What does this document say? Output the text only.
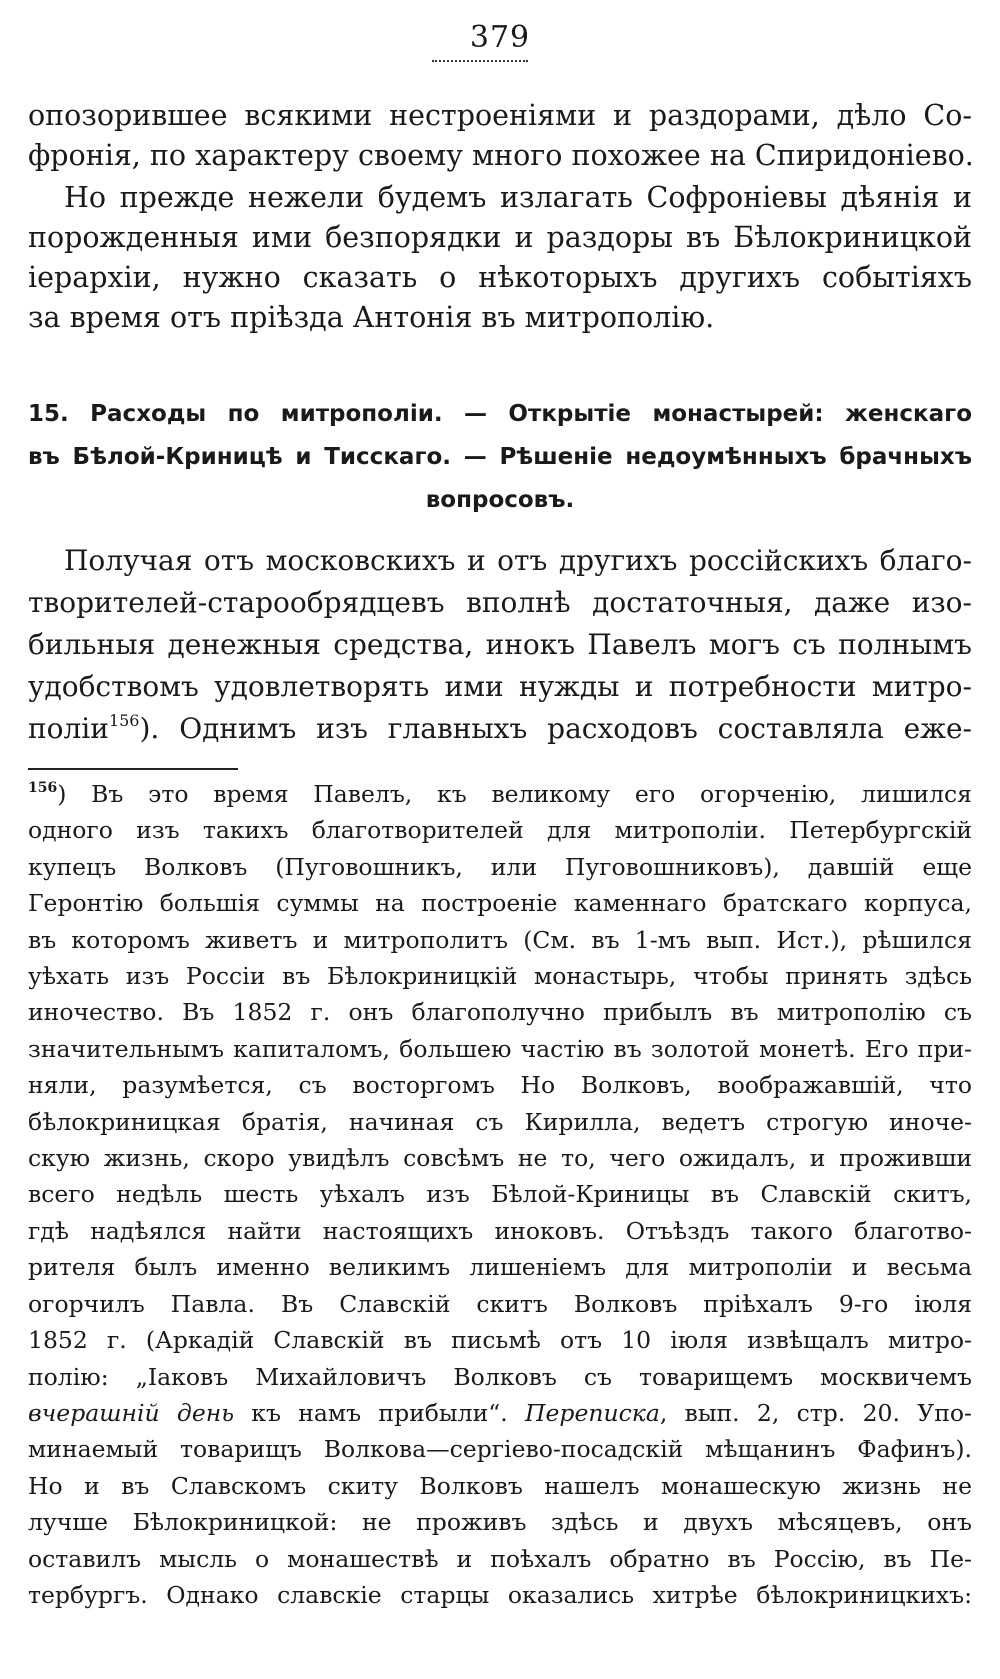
379
опозорившее всякими нестроеніями и раздорами, дѣло Со-
фронія, по характеру своему много похожее на Спиридоніево.
Но прежде нежели будемъ излагать Софроніевы дѣянія и
порожденныя ими безпорядки и раздоры въ Бѣлокриницкой
іерархіи, нужно сказать о нѣкоторыхъ другихъ событіяхъ
за время отъ пріѣзда Антонія въ митрополію.
15. Расходы по митрополіи. — Открытіе монастырей: женскаго
въ Бѣлой-Криницѣ и Тисскаго. — Рѣшеніе недоумѣнныхъ брачныхъ
вопросовъ.
Получая отъ московскихъ и отъ другихъ россійскихъ благо-
творителей-старообрядцевъ вполнѣ достаточныя, даже изо-
бильныя денежныя средства, инокъ Павелъ могъ съ полнымъ
удобствомъ удовлетворять ими нужды и потребности митро-
поліи$^{156}$). Однимъ изъ главныхъ расходовъ составляла еже-
$^{156}$) Въ это время Павелъ, къ великому его огорченію, лишился
одного изъ такихъ благотворителей для митрополіи. Петербургскій
купецъ Волковъ (Пуговошникъ, или Пуговошниковъ), давшій еще
Геронтію большія суммы на построеніе каменнаго братскаго корпуса,
въ которомъ живетъ и митрополитъ (См. въ 1-мъ вып. Ист.), рѣшился
уѣхать изъ Россіи въ Бѣлокриницкій монастырь, чтобы принять здѣсь
иночество. Въ 1852 г. онъ благополучно прибылъ въ митрополію съ
значительнымъ капиталомъ, большею частію въ золотой монетѣ. Его при-
няли, разумѣется, съ восторгомъ Но Волковъ, воображавшій, что
бѣлокриницкая братія, начиная съ Кирилла, ведетъ строгую иноче-
скую жизнь, скоро увидѣлъ совсѣмъ не то, чего ожидалъ, и проживши
всего недѣль шесть уѣхалъ изъ Бѣлой-Криницы въ Славскій скитъ,
гдѣ надѣялся найти настоящихъ иноковъ. Отъѣздъ такого благотво-
рителя былъ именно великимъ лишеніемъ для митрополіи и весьма
огорчилъ Павла. Въ Славскій скитъ Волковъ пріѣхалъ 9-го іюля
1852 г. (Аркадій Славскій въ письмѣ отъ 10 іюля извѣщалъ митро-
полію: „Іаковъ Михайловичъ Волковъ съ товарищемъ москвичемъ
вчерашній день къ намъ прибыли“. Переписка, вып. 2, стр. 20. Упо-
минаемый товарищъ Волкова—сергіево-посадскій мѣщанинъ Фафинъ).
Но и въ Славскомъ скиту Волковъ нашелъ монашескую жизнь не
лучше Бѣлокриницкой: не проживъ здѣсь и двухъ мѣсяцевъ, онъ
оставилъ мысль о монашествѣ и поѣхалъ обратно въ Россію, въ Пе-
тербургъ. Однако славскіе старцы оказались хитрѣе бѣлокриницкихъ:
